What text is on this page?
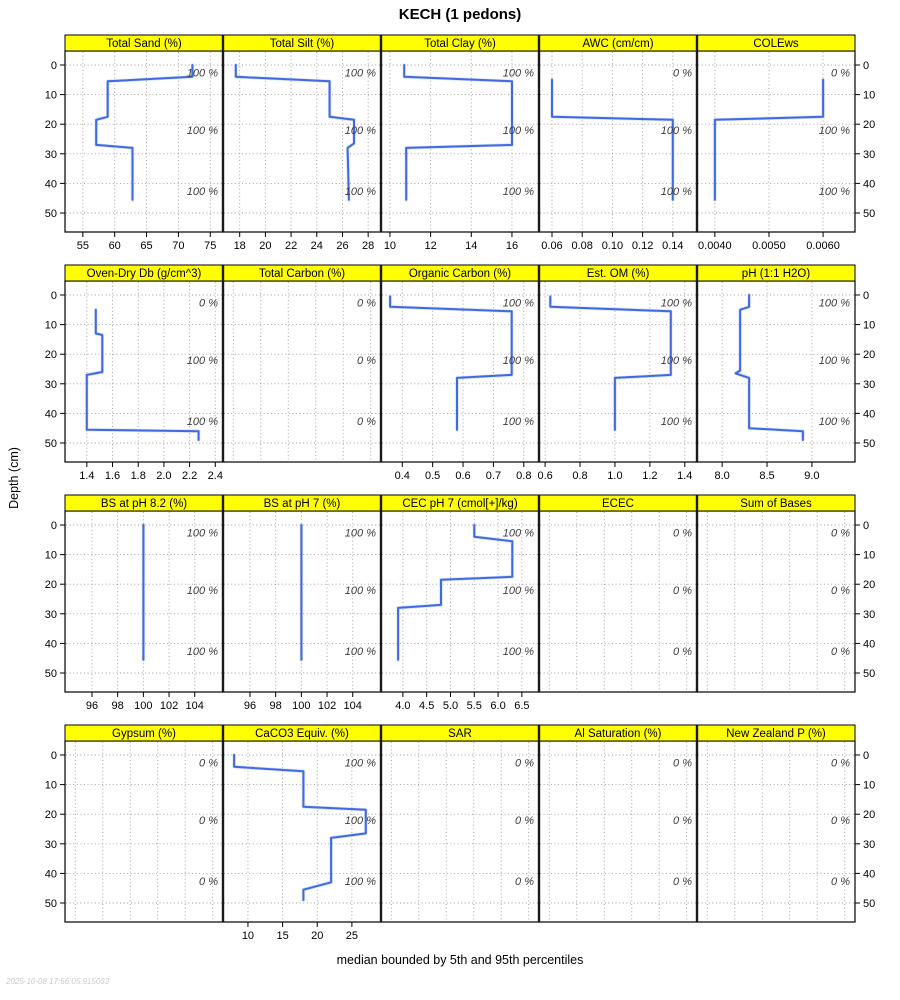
KECH (1 pedons)
Depth (cm)
100 %
100 %
100 %
55 60 65 70 75
0
10
20
30
40
50
Total Sand (%)
100 %
100 %
100 %
18 20 22 24 26 28
Total Silt (%)
100 %
100 %
100 %
10	12	14	16
Total Clay (%)
0 %
100 %
100 %
0.06 0.08 0.10 0.12 0.14
AWC (cm/cm)
0 %
100 %
100 %
0.0040 0.0050 0.0060
0
10
20
30
40
50
COLEws
0 %
100 %
100 %
1.4 1.6 1.8 2.0 2.2 2.4
0
10
20
30
40
50
Oven-Dry Db (g/cm^3)
0 %
0 %
0 %
Total Carbon (%)
100 %
100 %
100 %
0.4 0.5 0.6 0.7 0.8
Organic Carbon (%)
100 %
100 %
100 %
0.6 0.8 1.0 1.2 1.4
Est. OM (%)
100 %
100 %
100 %
8.0	8.5	9.0
0
10
20
30
40
50
pH (1:1 H2O)
100 %
100 %
100 %
96 98 100 102 104
0
10
20
30
40
50
BS at pH 8.2 (%)
100 %
100 %
100 %
96 98 100 102 104
BS at pH 7 (%)
100 %
100 %
100 %
4.0 4.5 5.0 5.5 6.0 6.5
CEC pH 7 (cmol[+]/kg)
0 %
0 %
0 %
ECEC
0 %
0 %
0 %
0
10
20
30
40
50
Sum of Bases
0 %
0 %
0 %
0
10
20
30
40
50
Gypsum (%)
100 %
100 %
100 %
10 15 20 25
CaCO3 Equiv. (%)
0 %
0 %
0 %
SAR
0 %
0 %
0 %
Al Saturation (%)
0 %
0 %
0 %
0
10
20
30
40
50
New Zealand P (%)
median bounded by 5th and 95th percentiles
2025-10-08 17:56:05.915033
